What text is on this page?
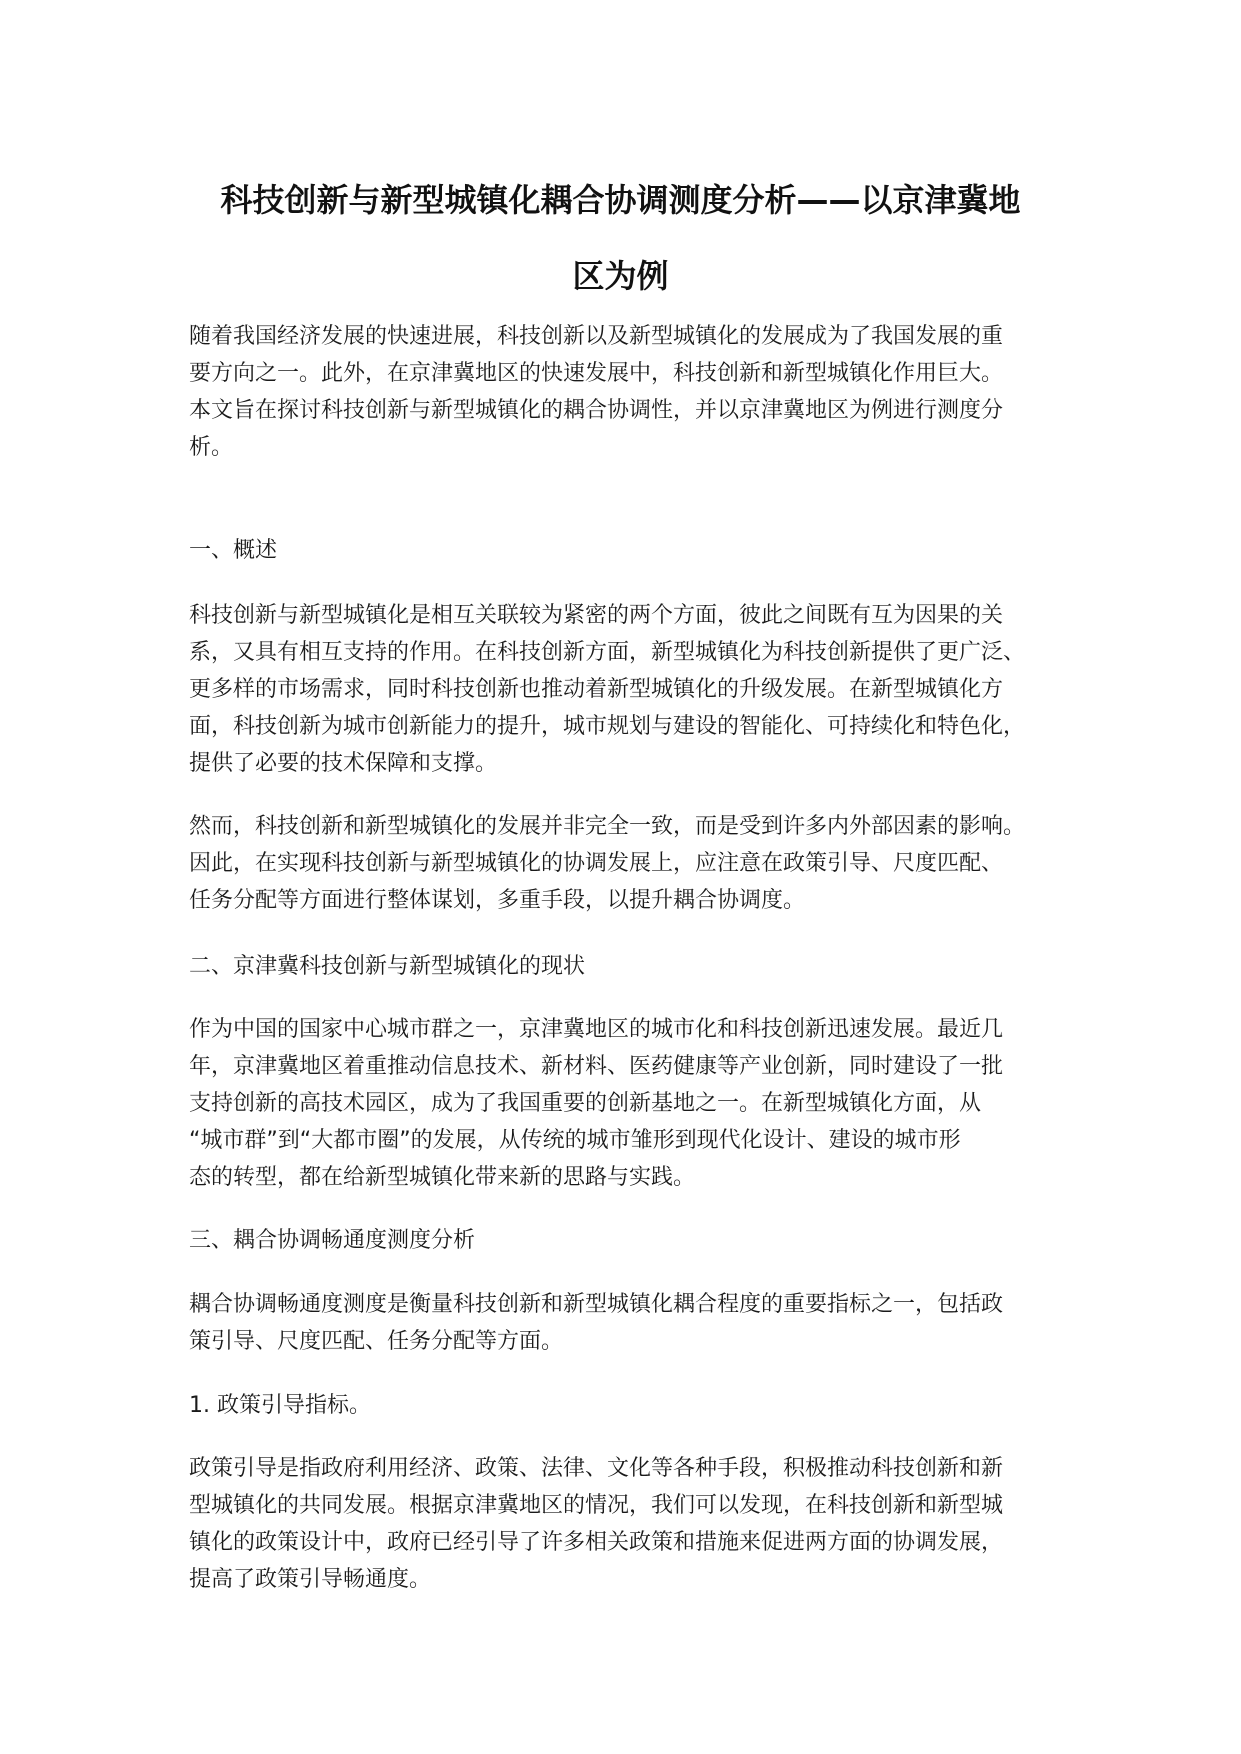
科技创新与新型城镇化耦合协调测度分析——以京津冀地
区为例

随着我国经济发展的快速进展，科技创新以及新型城镇化的发展成为了我国发展的重
要方向之一。此外，在京津冀地区的快速发展中，科技创新和新型城镇化作用巨大。
本文旨在探讨科技创新与新型城镇化的耦合协调性，并以京津冀地区为例进行测度分
析。

一、概述

科技创新与新型城镇化是相互关联较为紧密的两个方面，彼此之间既有互为因果的关
系，又具有相互支持的作用。在科技创新方面，新型城镇化为科技创新提供了更广泛、
更多样的市场需求，同时科技创新也推动着新型城镇化的升级发展。在新型城镇化方
面，科技创新为城市创新能力的提升，城市规划与建设的智能化、可持续化和特色化，
提供了必要的技术保障和支撑。

然而，科技创新和新型城镇化的发展并非完全一致，而是受到许多内外部因素的影响。
因此，在实现科技创新与新型城镇化的协调发展上，应注意在政策引导、尺度匹配、
任务分配等方面进行整体谋划，多重手段，以提升耦合协调度。

二、京津冀科技创新与新型城镇化的现状

作为中国的国家中心城市群之一，京津冀地区的城市化和科技创新迅速发展。最近几
年，京津冀地区着重推动信息技术、新材料、医药健康等产业创新，同时建设了一批
支持创新的高技术园区，成为了我国重要的创新基地之一。在新型城镇化方面，从
“城市群”到“大都市圈”的发展，从传统的城市雏形到现代化设计、建设的城市形
态的转型，都在给新型城镇化带来新的思路与实践。

三、耦合协调畅通度测度分析

耦合协调畅通度测度是衡量科技创新和新型城镇化耦合程度的重要指标之一，包括政
策引导、尺度匹配、任务分配等方面。

1. 政策引导指标。

政策引导是指政府利用经济、政策、法律、文化等各种手段，积极推动科技创新和新
型城镇化的共同发展。根据京津冀地区的情况，我们可以发现，在科技创新和新型城
镇化的政策设计中，政府已经引导了许多相关政策和措施来促进两方面的协调发展，
提高了政策引导畅通度。
